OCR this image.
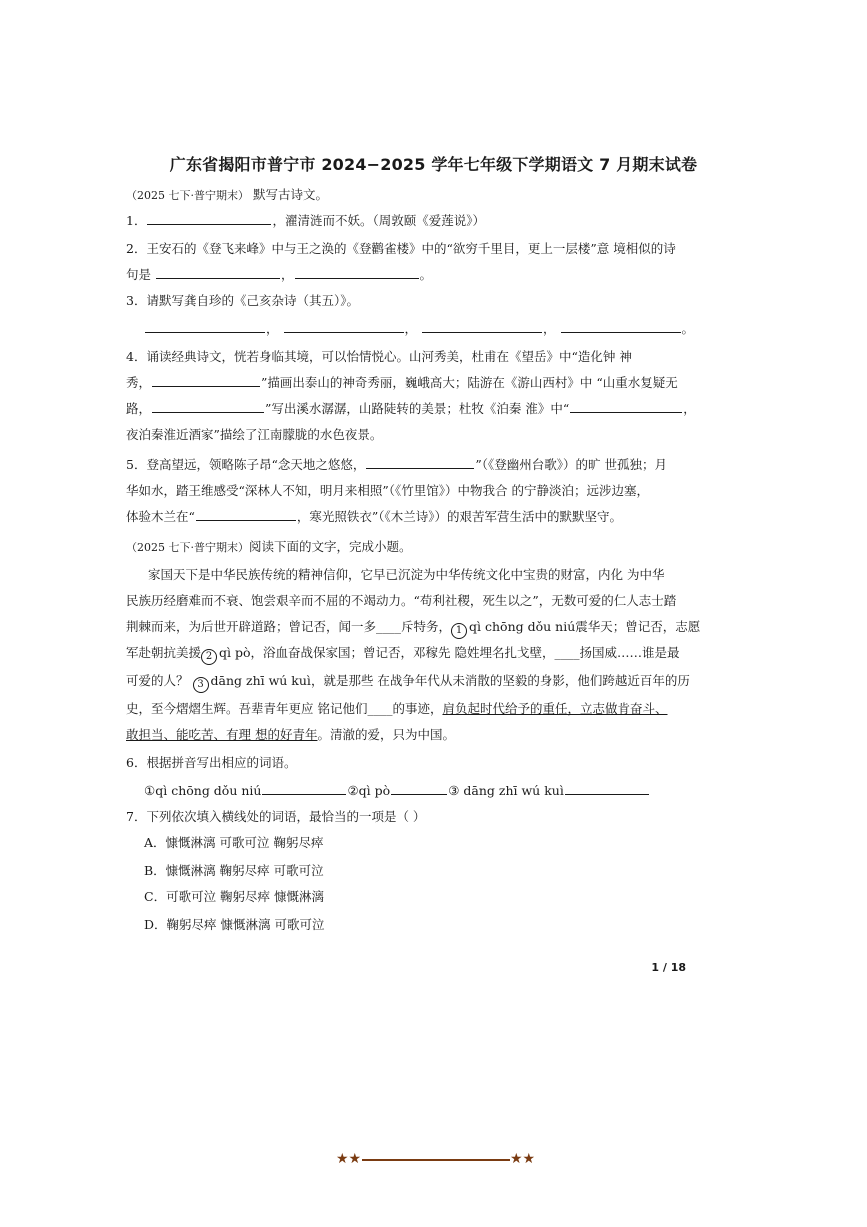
广东省揭阳市普宁市 2024−2025 学年七年级下学期语文 7 月期末试卷
（2025 七下·普宁期末） 默写古诗文。
1．	，濯清涟而不妖。（周敦颐《爱莲说》）
2．王安石的《登飞来峰》中与王之涣的《登鹳雀楼》中的“欲穷千里目，更上一层楼”意 境相似的诗
句是	，	。
3．请默写龚自珍的《己亥杂诗（其五）》。
，	，	，	。
4．诵读经典诗文，恍若身临其境，可以怡情悦心。山河秀美，杜甫在《望岳》中“造化钟 神
秀，	”描画出泰山的神奇秀丽，巍峨高大；陆游在《游山西村》中 “山重水复疑无
路，	”写出溪水潺潺，山路陡转的美景；杜牧《泊秦 淮》中“	，
夜泊秦淮近酒家”描绘了江南朦胧的水色夜景。
5．登高望远，领略陈子昂“念天地之悠悠，	”（《登幽州台歌》）的旷 世孤独；月
华如水，踏王维感受“深林人不知，明月来相照”（《竹里馆》）中物我合 的宁静淡泊；远涉边塞，
体验木兰在“	，寒光照铁衣”（《木兰诗》）的艰苦军营生活中的默默坚守。
（2025 七下·普宁期末）阅读下面的文字，完成小题。
家国天下是中华民族传统的精神信仰，它早已沉淀为中华传统文化中宝贵的财富，内化 为中华
民族历经磨难而不衰、饱尝艰辛而不屈的不竭动力。“苟利社稷，死生以之”，无数可爱的仁人志士踏
荆棘而来，为后世开辟道路；曾记否，闻一多____斥特务， 1 qì chōng dǒu niú震华天；曾记否，志愿
军赴朝抗美援 2 qì pò，浴血奋战保家国；曾记否，邓稼先 隐姓埋名扎戈壁，____扬国威……谁是最
可爱的人？ 3 dāng zhī wú kuì，就是那些 在战争年代从未消散的坚毅的身影，他们跨越近百年的历
史，至今熠熠生辉。吾辈青年更应 铭记他们____的事迹，肩负起时代给予的重任，立志做肯奋斗、
敢担当、能吃苦、有理 想的好青年。清澈的爱，只为中国。
6．根据拼音写出相应的词语。
①qì chōng dǒu niú	②qì pò	③ dāng zhī wú kuì
7．下列依次填入横线处的词语，最恰当的一项是（ ）
A．慷慨淋漓 可歌可泣 鞠躬尽瘁
B．慷慨淋漓 鞠躬尽瘁 可歌可泣
C．可歌可泣 鞠躬尽瘁 慷慨淋漓
D．鞠躬尽瘁 慷慨淋漓 可歌可泣
1 / 18
★★	★★
